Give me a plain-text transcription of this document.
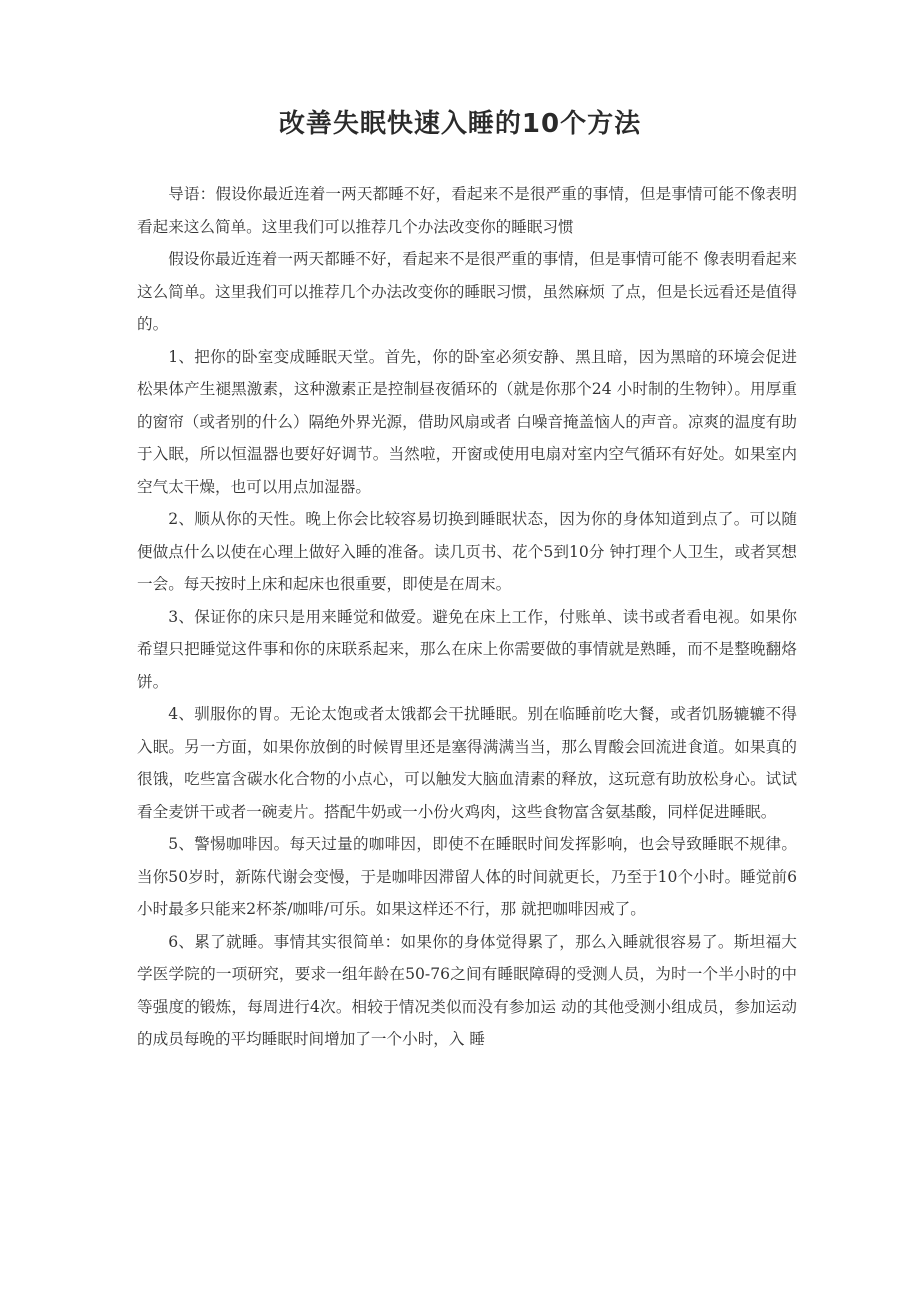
改善失眠快速入睡的10个方法

导语：假设你最近连着一两天都睡不好，看起来不是很严重的事情，但是事情可能不像表明看起来这么简单。这里我们可以推荐几个办法改变你的睡眠习惯

假设你最近连着一两天都睡不好，看起来不是很严重的事情，但是事情可能不 像表明看起来这么简单。这里我们可以推荐几个办法改变你的睡眠习惯，虽然麻烦 了点，但是长远看还是值得的。

1、把你的卧室变成睡眠天堂。首先，你的卧室必须安静、黑且暗，因为黑暗的环境会促进松果体产生褪黑激素，这种激素正是控制昼夜循环的（就是你那个24 小时制的生物钟）。用厚重的窗帘（或者别的什么）隔绝外界光源，借助风扇或者 白噪音掩盖恼人的声音。凉爽的温度有助于入眠，所以恒温器也要好好调节。当然啦，开窗或使用电扇对室内空气循环有好处。如果室内空气太干燥，也可以用点加湿器。

2、顺从你的天性。晚上你会比较容易切换到睡眠状态，因为你的身体知道到点了。可以随便做点什么以使在心理上做好入睡的准备。读几页书、花个5到10分 钟打理个人卫生，或者冥想一会。每天按时上床和起床也很重要，即使是在周末。

3、保证你的床只是用来睡觉和做爱。避免在床上工作，付账单、读书或者看电视。如果你希望只把睡觉这件事和你的床联系起来，那么在床上你需要做的事情就是熟睡，而不是整晚翻烙饼。

4、驯服你的胃。无论太饱或者太饿都会干扰睡眠。别在临睡前吃大餐，或者饥肠辘辘不得入眠。另一方面，如果你放倒的时候胃里还是塞得满满当当，那么胃酸会回流进食道。如果真的很饿，吃些富含碳水化合物的小点心，可以触发大脑血清素的释放，这玩意有助放松身心。试试看全麦饼干或者一碗麦片。搭配牛奶或一小份火鸡肉，这些食物富含氨基酸，同样促进睡眠。

5、警惕咖啡因。每天过量的咖啡因，即使不在睡眠时间发挥影响，也会导致睡眠不规律。当你50岁时，新陈代谢会变慢，于是咖啡因滞留人体的时间就更长，乃至于10个小时。睡觉前6小时最多只能来2杯茶/咖啡/可乐。如果这样还不行，那 就把咖啡因戒了。

6、累了就睡。事情其实很简单：如果你的身体觉得累了，那么入睡就很容易了。斯坦福大学医学院的一项研究，要求一组年龄在50-76之间有睡眠障碍的受测人员，为时一个半小时的中等强度的锻炼，每周进行4次。相较于情况类似而没有参加运 动的其他受测小组成员，参加运动的成员每晚的平均睡眠时间增加了一个小时，入 睡
